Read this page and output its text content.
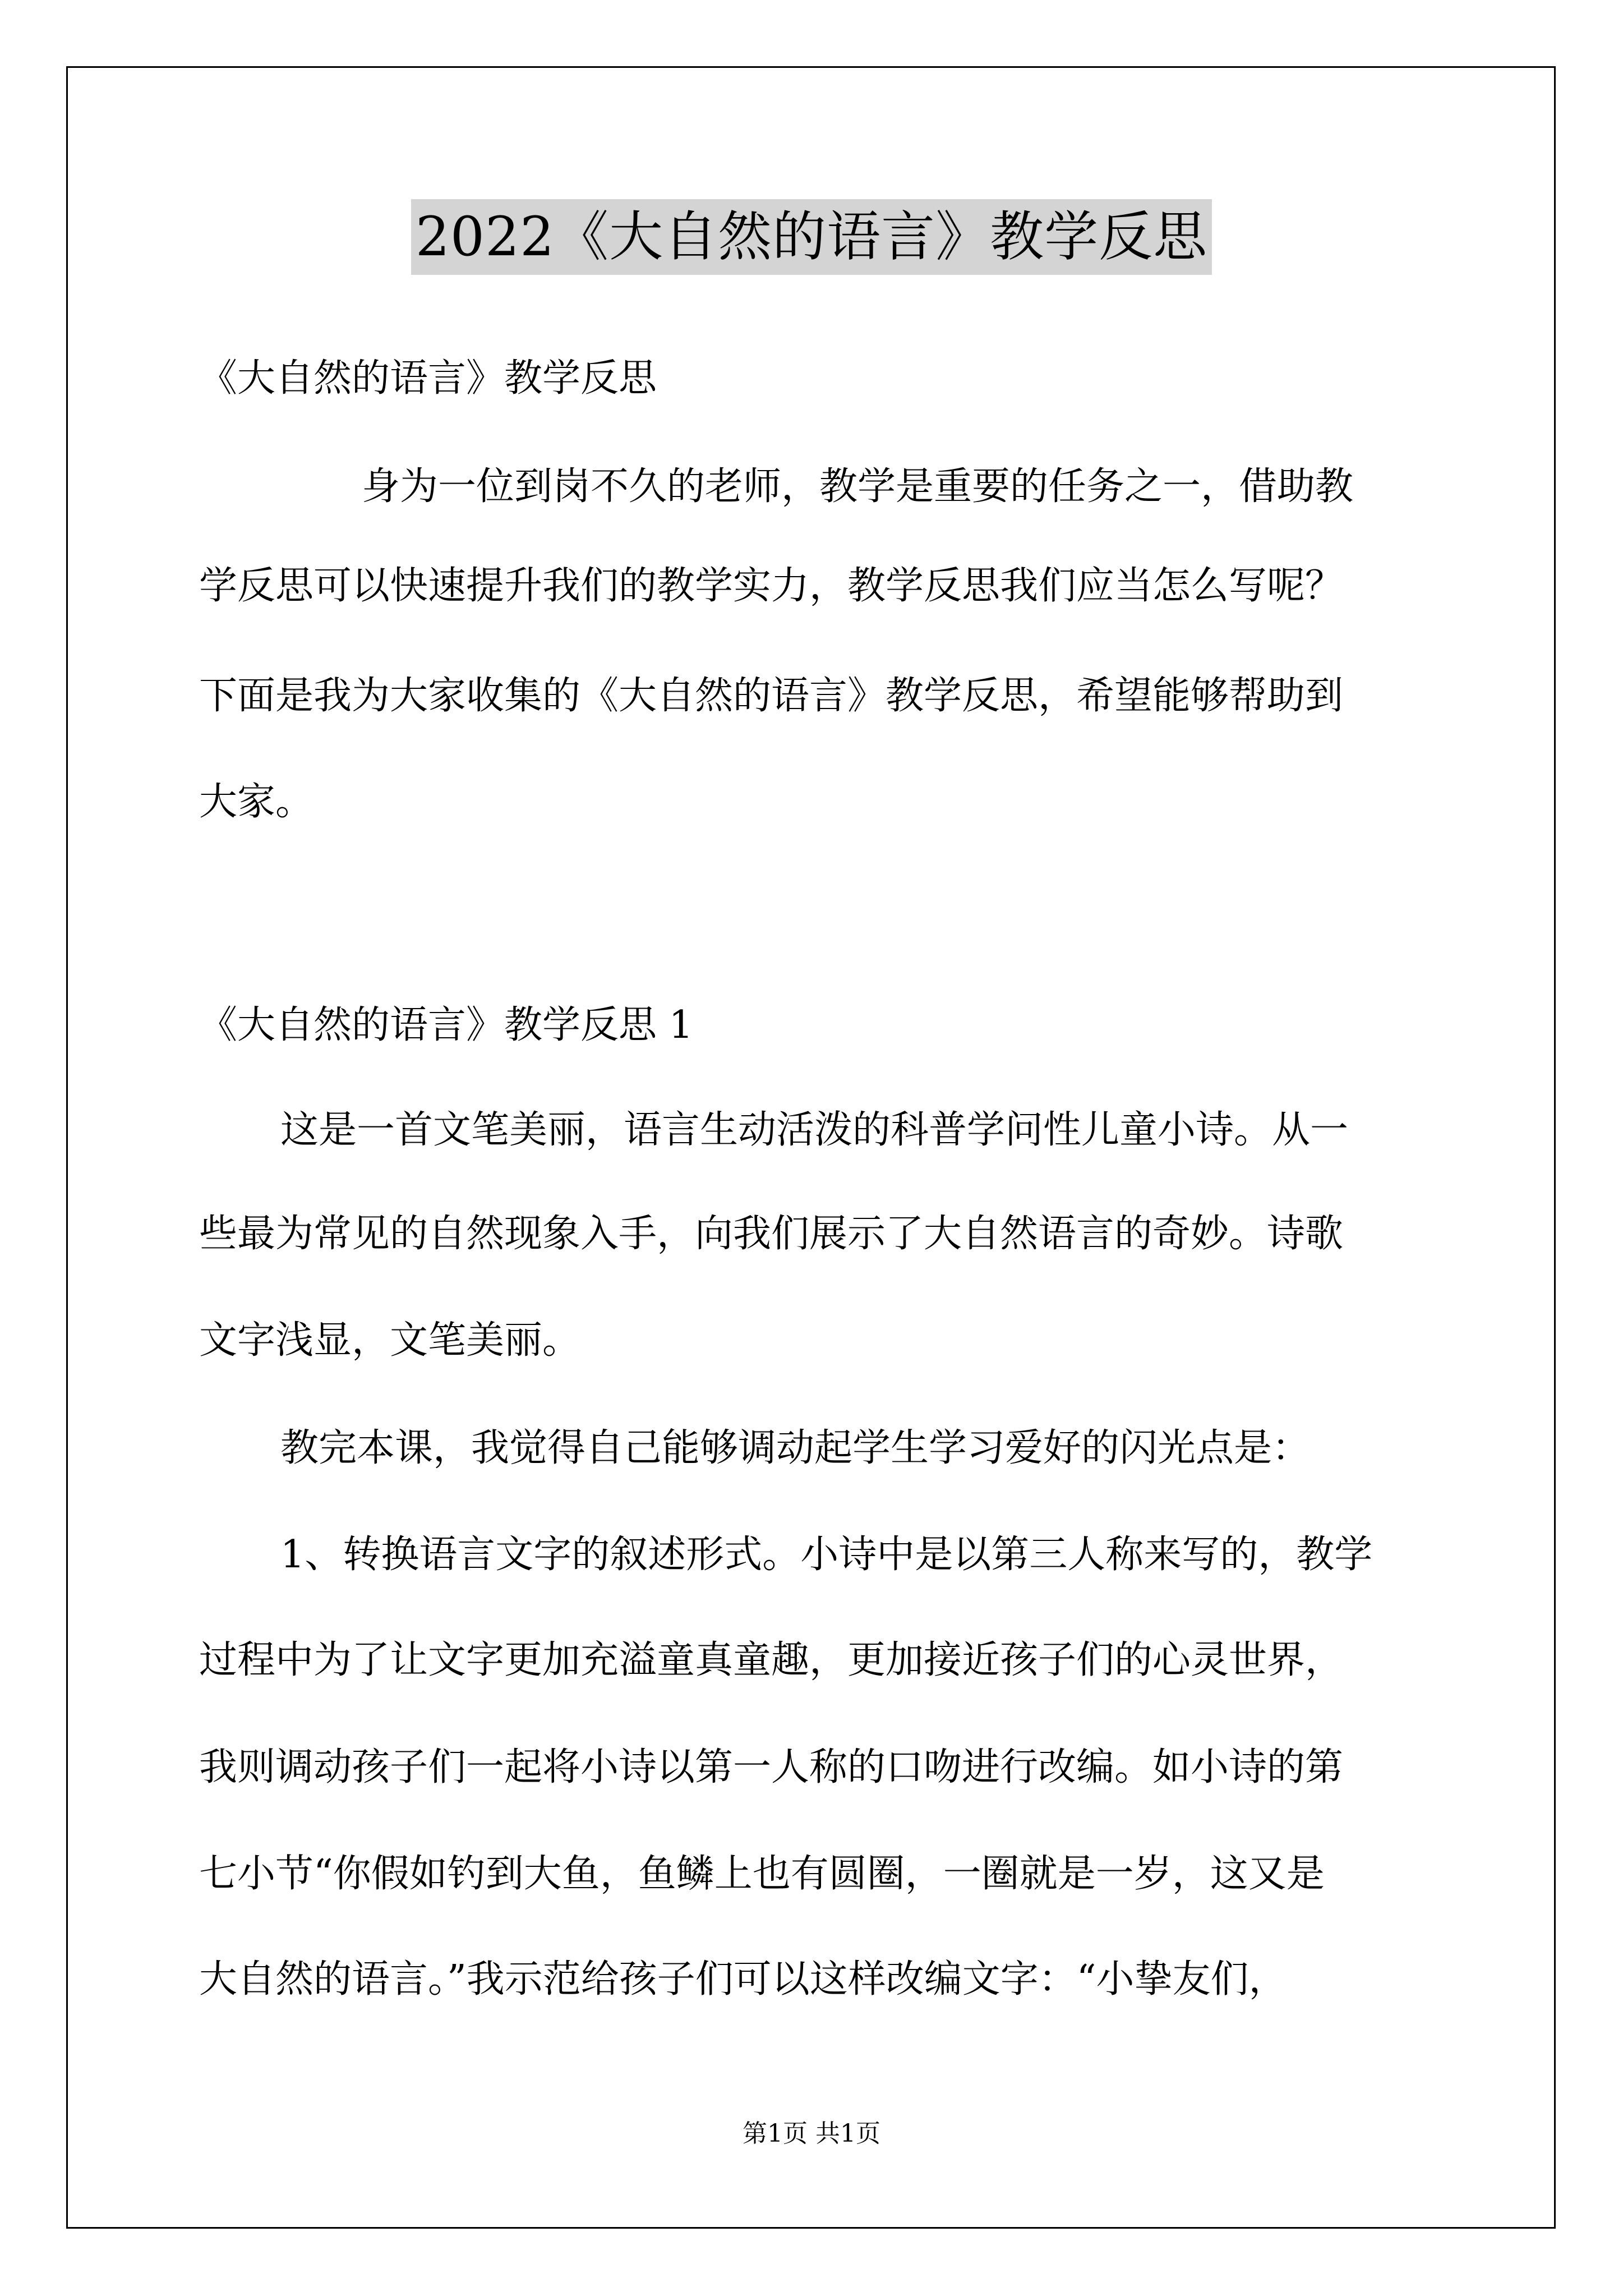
2022《大自然的语言》教学反思
《大自然的语言》教学反思
身为一位到岗不久的老师，教学是重要的任务之一，借助教
学反思可以快速提升我们的教学实力，教学反思我们应当怎么写呢？
下面是我为大家收集的《大自然的语言》教学反思，希望能够帮助到
大家。
《大自然的语言》教学反思 1
这是一首文笔美丽，语言生动活泼的科普学问性儿童小诗。从一
些最为常见的自然现象入手，向我们展示了大自然语言的奇妙。诗歌
文字浅显，文笔美丽。
教完本课，我觉得自己能够调动起学生学习爱好的闪光点是：
1、转换语言文字的叙述形式。小诗中是以第三人称来写的，教学
过程中为了让文字更加充溢童真童趣，更加接近孩子们的心灵世界，
我则调动孩子们一起将小诗以第一人称的口吻进行改编。如小诗的第
七小节“你假如钓到大鱼，鱼鳞上也有圆圈，一圈就是一岁，这又是
大自然的语言。”我示范给孩子们可以这样改编文字：“小挚友们，
第1页 共1页
